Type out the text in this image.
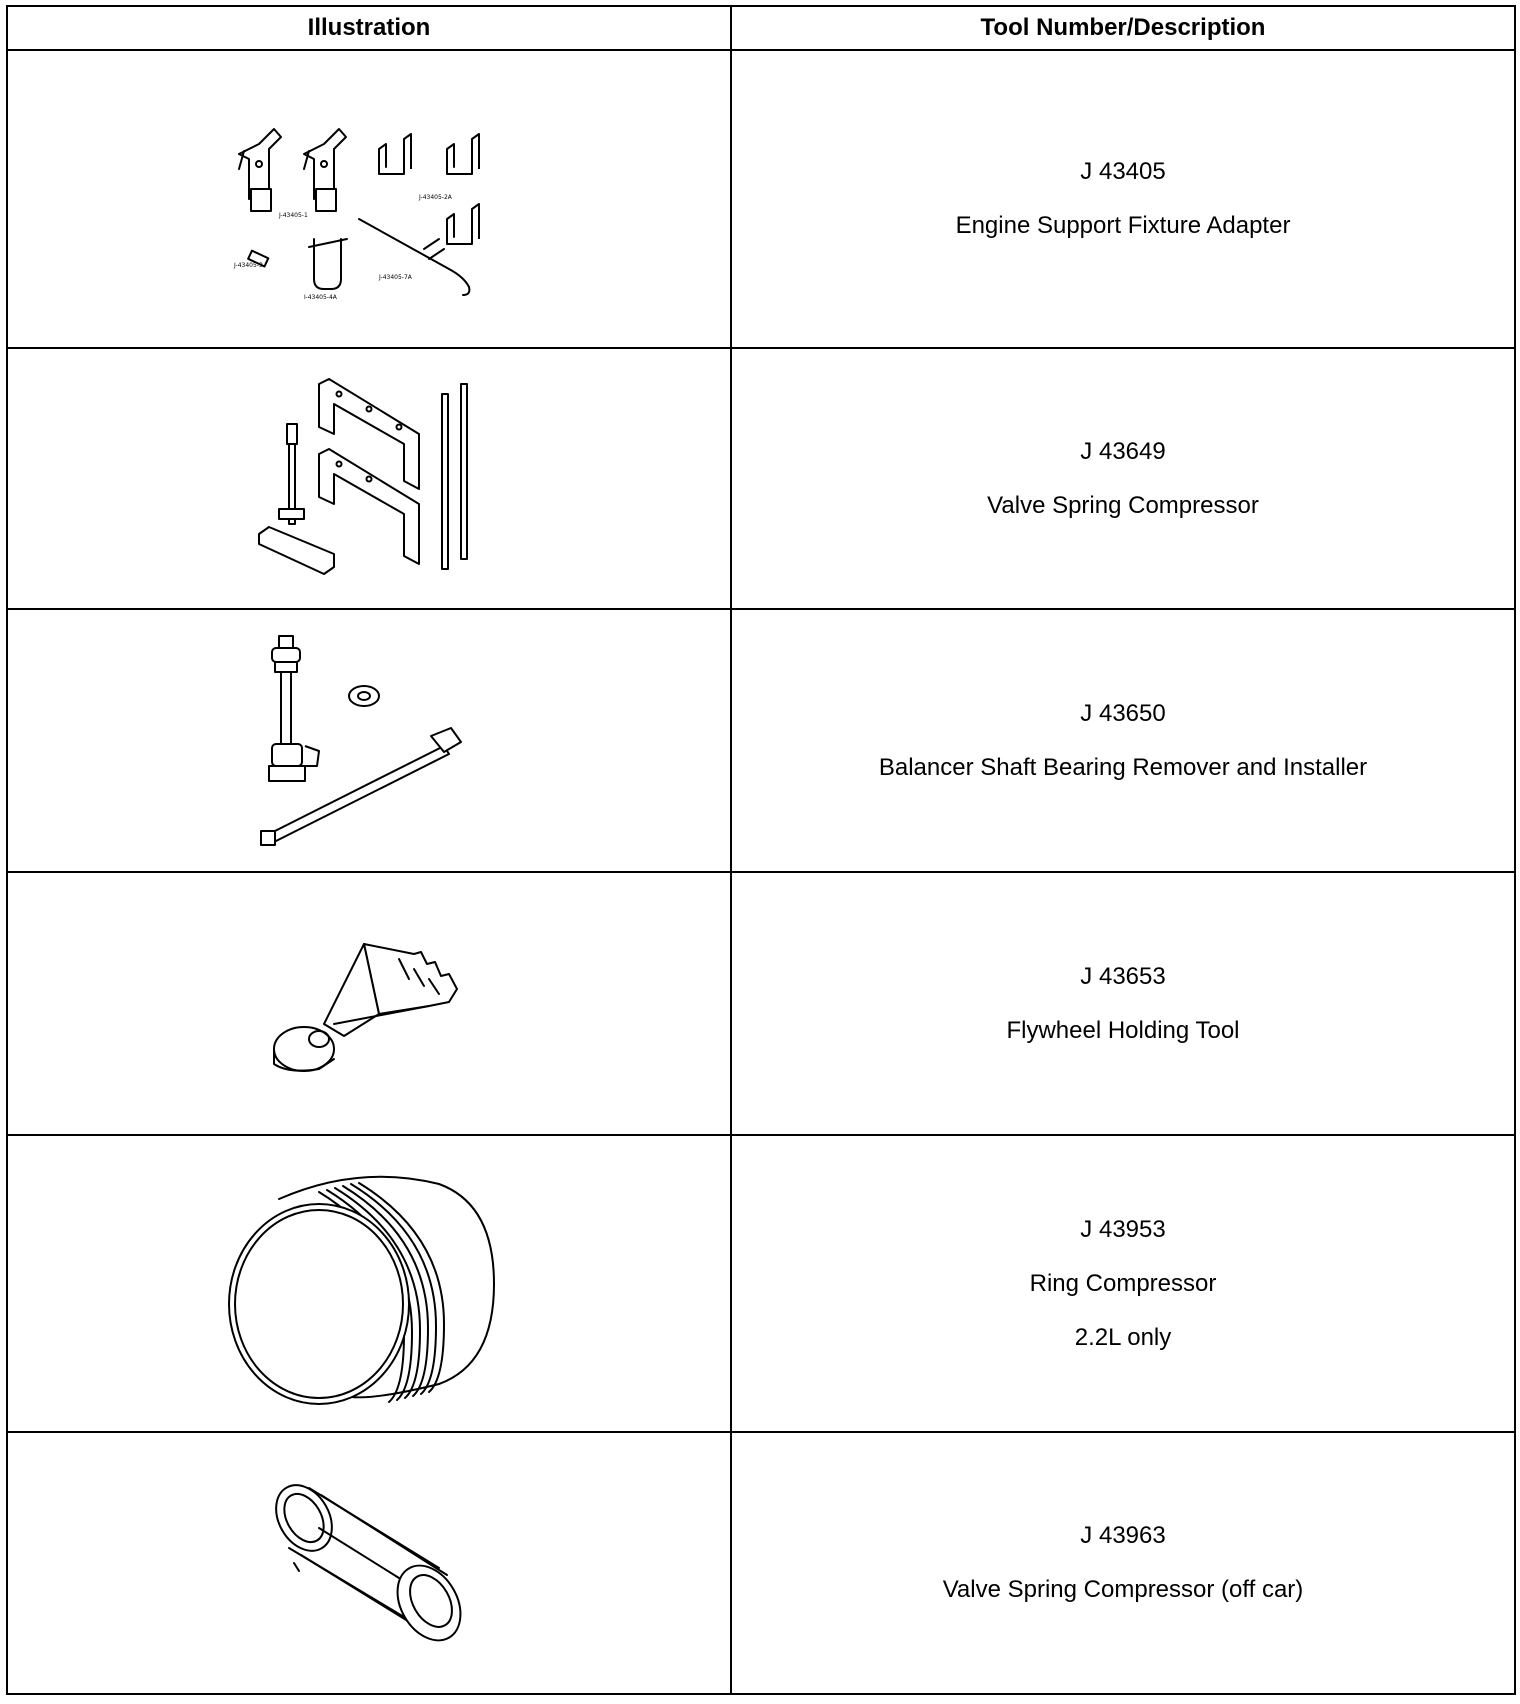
Illustration	Tool Number/Description

J-43405-1
J-43405-2A
J-43405-3
J-43405-4A
J-43405-7A	J 43405
Engine Support Fixture Adapter

J 43649
Valve Spring Compressor

J 43650
Balancer Shaft Bearing Remover and Installer

J 43653
Flywheel Holding Tool

J 43953
Ring Compressor
2.2L only

J 43963
Valve Spring Compressor (off car)
